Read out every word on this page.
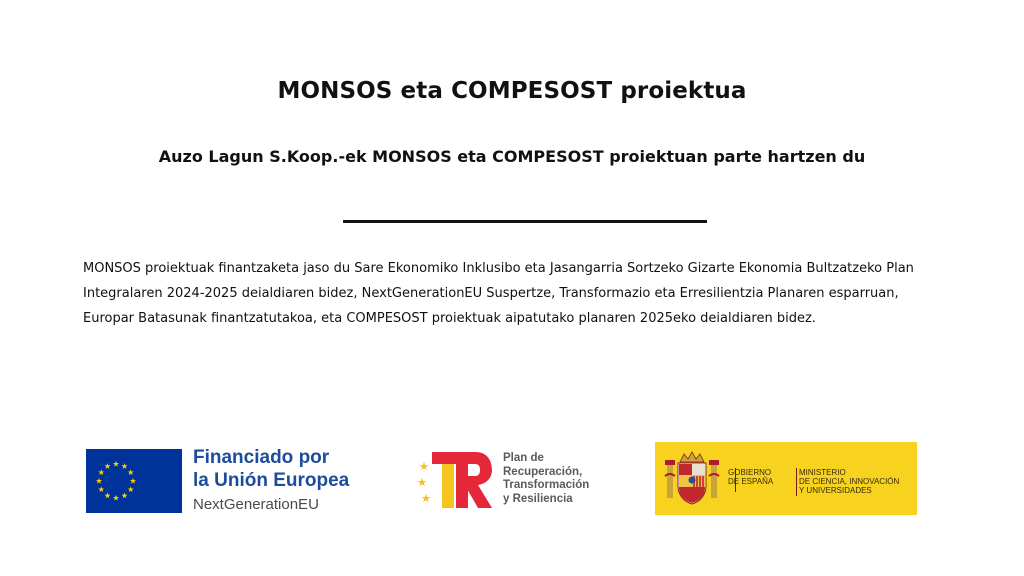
MONSOS eta COMPESOST proiektua
Auzo Lagun S.Koop.-ek MONSOS eta COMPESOST proiektuan parte hartzen du

MONSOS proiektuak finantzaketa jaso du Sare Ekonomiko Inklusibo eta Jasangarria Sortzeko Gizarte Ekonomia Bultzatzeko Plan Integralaren 2024-2025 deialdiaren bidez, NextGenerationEU Suspertze, Transformazio eta Erresilientzia Planaren esparruan, Europar Batasunak finantzatutakoa, eta COMPESOST proiektuak aipatutako planaren 2025eko deialdiaren bidez.

Financiado por
la Unión Europea
NextGenerationEU
Plan de
Recuperación,
Transformación
y Resiliencia
GOBIERNO
DE ESPAÑA
MINISTERIO
DE CIENCIA, INNOVACIÓN
Y UNIVERSIDADES
